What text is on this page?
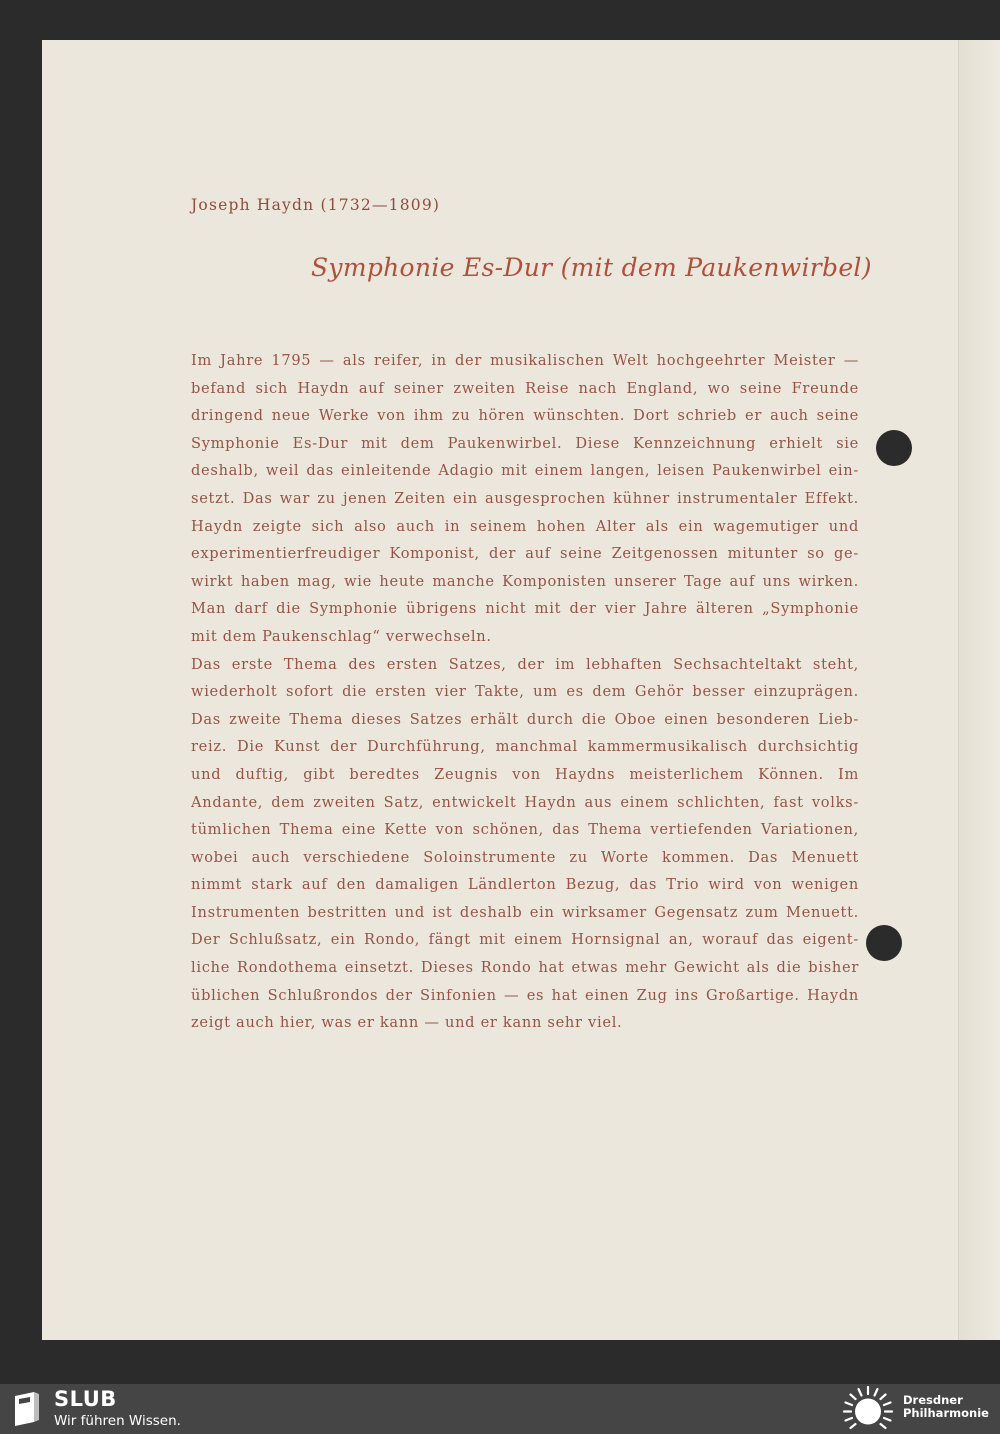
Joseph Haydn (1732—1809)
Symphonie Es-Dur (mit dem Paukenwirbel)
Im Jahre 1795 — als reifer, in der musikalischen Welt hochgeehrter Meister —
befand sich Haydn auf seiner zweiten Reise nach England, wo seine Freunde
dringend neue Werke von ihm zu hören wünschten. Dort schrieb er auch seine
Symphonie Es-Dur mit dem Paukenwirbel. Diese Kennzeichnung erhielt sie
deshalb, weil das einleitende Adagio mit einem langen, leisen Paukenwirbel ein-
setzt. Das war zu jenen Zeiten ein ausgesprochen kühner instrumentaler Effekt.
Haydn zeigte sich also auch in seinem hohen Alter als ein wagemutiger und
experimentierfreudiger Komponist, der auf seine Zeitgenossen mitunter so ge-
wirkt haben mag, wie heute manche Komponisten unserer Tage auf uns wirken.
Man darf die Symphonie übrigens nicht mit der vier Jahre älteren „Symphonie
mit dem Paukenschlag“ verwechseln.
Das erste Thema des ersten Satzes, der im lebhaften Sechsachteltakt steht,
wiederholt sofort die ersten vier Takte, um es dem Gehör besser einzuprägen.
Das zweite Thema dieses Satzes erhält durch die Oboe einen besonderen Lieb-
reiz. Die Kunst der Durchführung, manchmal kammermusikalisch durchsichtig
und duftig, gibt beredtes Zeugnis von Haydns meisterlichem Können. Im
Andante, dem zweiten Satz, entwickelt Haydn aus einem schlichten, fast volks-
tümlichen Thema eine Kette von schönen, das Thema vertiefenden Variationen,
wobei auch verschiedene Soloinstrumente zu Worte kommen. Das Menuett
nimmt stark auf den damaligen Ländlerton Bezug, das Trio wird von wenigen
Instrumenten bestritten und ist deshalb ein wirksamer Gegensatz zum Menuett.
Der Schlußsatz, ein Rondo, fängt mit einem Hornsignal an, worauf das eigent-
liche Rondothema einsetzt. Dieses Rondo hat etwas mehr Gewicht als die bisher
üblichen Schlußrondos der Sinfonien — es hat einen Zug ins Großartige. Haydn
zeigt auch hier, was er kann — und er kann sehr viel.
SLUB
Wir führen Wissen.
Dresdner
Philharmonie
